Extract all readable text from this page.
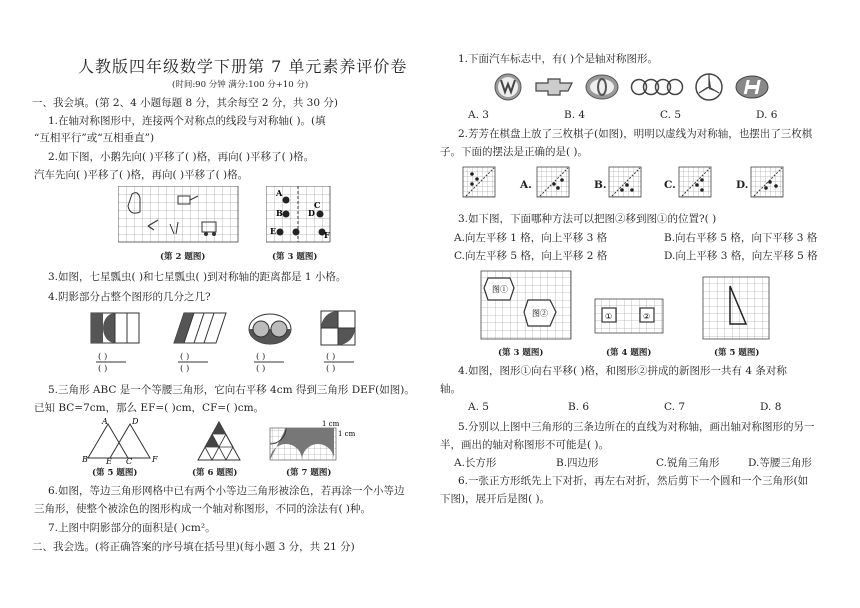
人教版四年级数学下册第 7 单元素养评价卷
(时间:90 分钟 满分:100 分+10 分)
一、我会填。(第 2、4 小题每题 8 分，其余每空 2 分，共 30 分)
1.在轴对称图形中，连接两个对称点的线段与对称轴( )。(填
“互相平行”或“互相垂直”)
2.如下图，小鹅先向( )平移了( )格，再向( )平移了( )格。
汽车先向( )平移了( )格，再向( )平移了( )格。
(第 2 题图)
A
B
C
D
E	F
(第 3 题图)
3.如图，七星瓢虫( )和七星瓢虫( )到对称轴的距离都是 1 小格。
4.阴影部分占整个图形的几分之几?
( )
( )
( )
( )
( )
( )
( )
( )
5.三角形 ABC 是一个等腰三角形，它向右平移 4cm 得到三角形 DEF(如图)。
已知 BC=7cm，那么 EF=( )cm，CF=( )cm。
A	D
B E C F
(第 5 题图)	(第 6 题图)
1 cm
1 cm
(第 7 题图)
6.如图，等边三角形网格中已有两个小等边三角形被涂色，若再涂一个小等边
三角形，使整个被涂色的图形构成一个轴对称图形，不同的涂法有( )种。
7.上图中阴影部分的面积是( )cm²。
二、我会选。(将正确答案的序号填在括号里)(每小题 3 分，共 21 分)
1.下面汽车标志中，有( )个是轴对称图形。
A. 3	B. 4	C. 5	D. 6
2.芳芳在棋盘上放了三枚棋子(如图)，明明以虚线为对称轴，也摆出了三枚棋
子。下面的摆法是正确的是( )。
A.	B.	C.	D.
3.如下图，下面哪种方法可以把图②移到图①的位置?( )
A.向左平移 1 格，向上平移 3 格	B.向右平移 5 格，向下平移 3 格
C.向左平移 5 格，向上平移 2 格	D.向上平移 3 格，向左平移 5 格
图①
图②
(第 3 题图)
①	②
(第 4 题图)	(第 5 题图)
4.如图，图形①向右平移( )格，和图形②拼成的新图形一共有 4 条对称
轴。
A. 5	B. 6	C. 7	D. 8
5.分别以上图中三角形的三条边所在的直线为对称轴，画出轴对称图形的另一
半，画出的轴对称图形不可能是( )。
A.长方形	B.四边形	C.锐角三角形	D.等腰三角形
6.一张正方形纸先上下对折，再左右对折，然后剪下一个圆和一个三角形(如
下图)，展开后是图( )。
